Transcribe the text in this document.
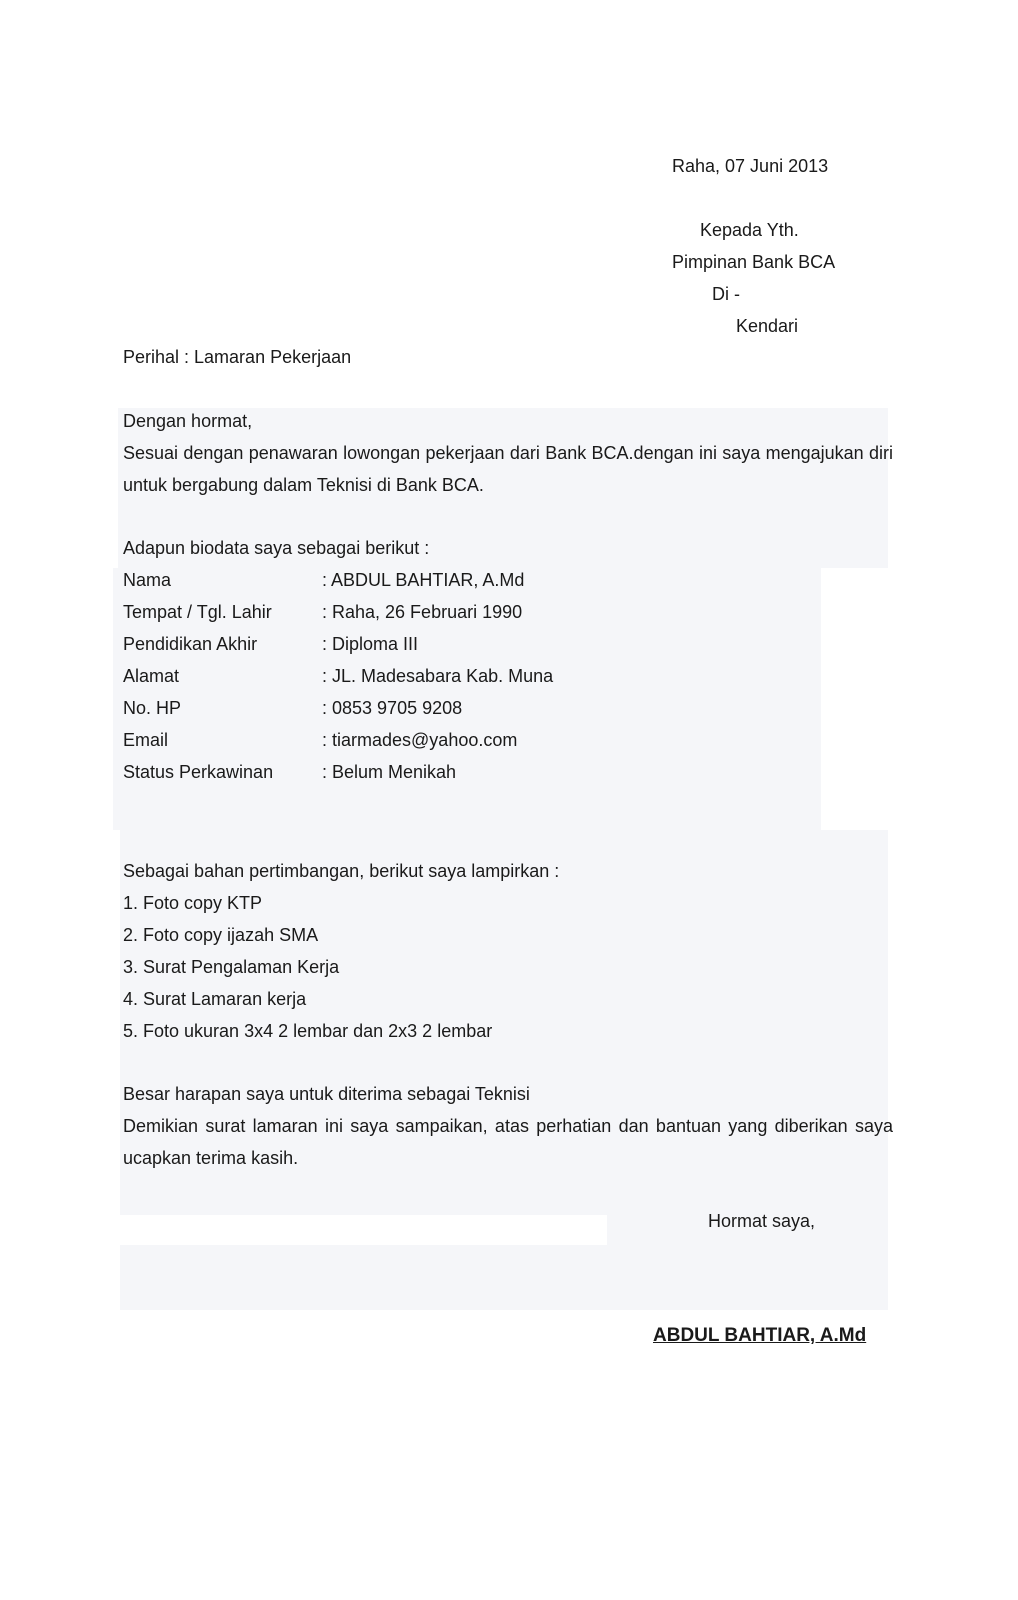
Raha, 07 Juni 2013
Kepada Yth.
Pimpinan Bank BCA
Di -
Kendari
Perihal : Lamaran Pekerjaan
Dengan hormat,
Sesuai dengan penawaran lowongan pekerjaan dari Bank BCA.dengan ini saya mengajukan diri untuk bergabung dalam Teknisi di Bank BCA.
Adapun biodata saya sebagai berikut :
Nama	: ABDUL BAHTIAR, A.Md
Tempat / Tgl. Lahir	: Raha, 26 Februari 1990
Pendidikan Akhir	: Diploma III
Alamat	: JL. Madesabara Kab. Muna
No. HP	: 0853 9705 9208
Email	: tiarmades@yahoo.com
Status Perkawinan	: Belum Menikah
Sebagai bahan pertimbangan, berikut saya lampirkan :
1. Foto copy KTP
2. Foto copy ijazah SMA
3. Surat Pengalaman Kerja
4. Surat Lamaran kerja
5. Foto ukuran 3x4 2 lembar dan 2x3 2 lembar
Besar harapan saya untuk diterima sebagai Teknisi
Demikian surat lamaran ini saya sampaikan, atas perhatian dan bantuan yang diberikan saya ucapkan terima kasih.
Hormat saya,
ABDUL BAHTIAR, A.Md
